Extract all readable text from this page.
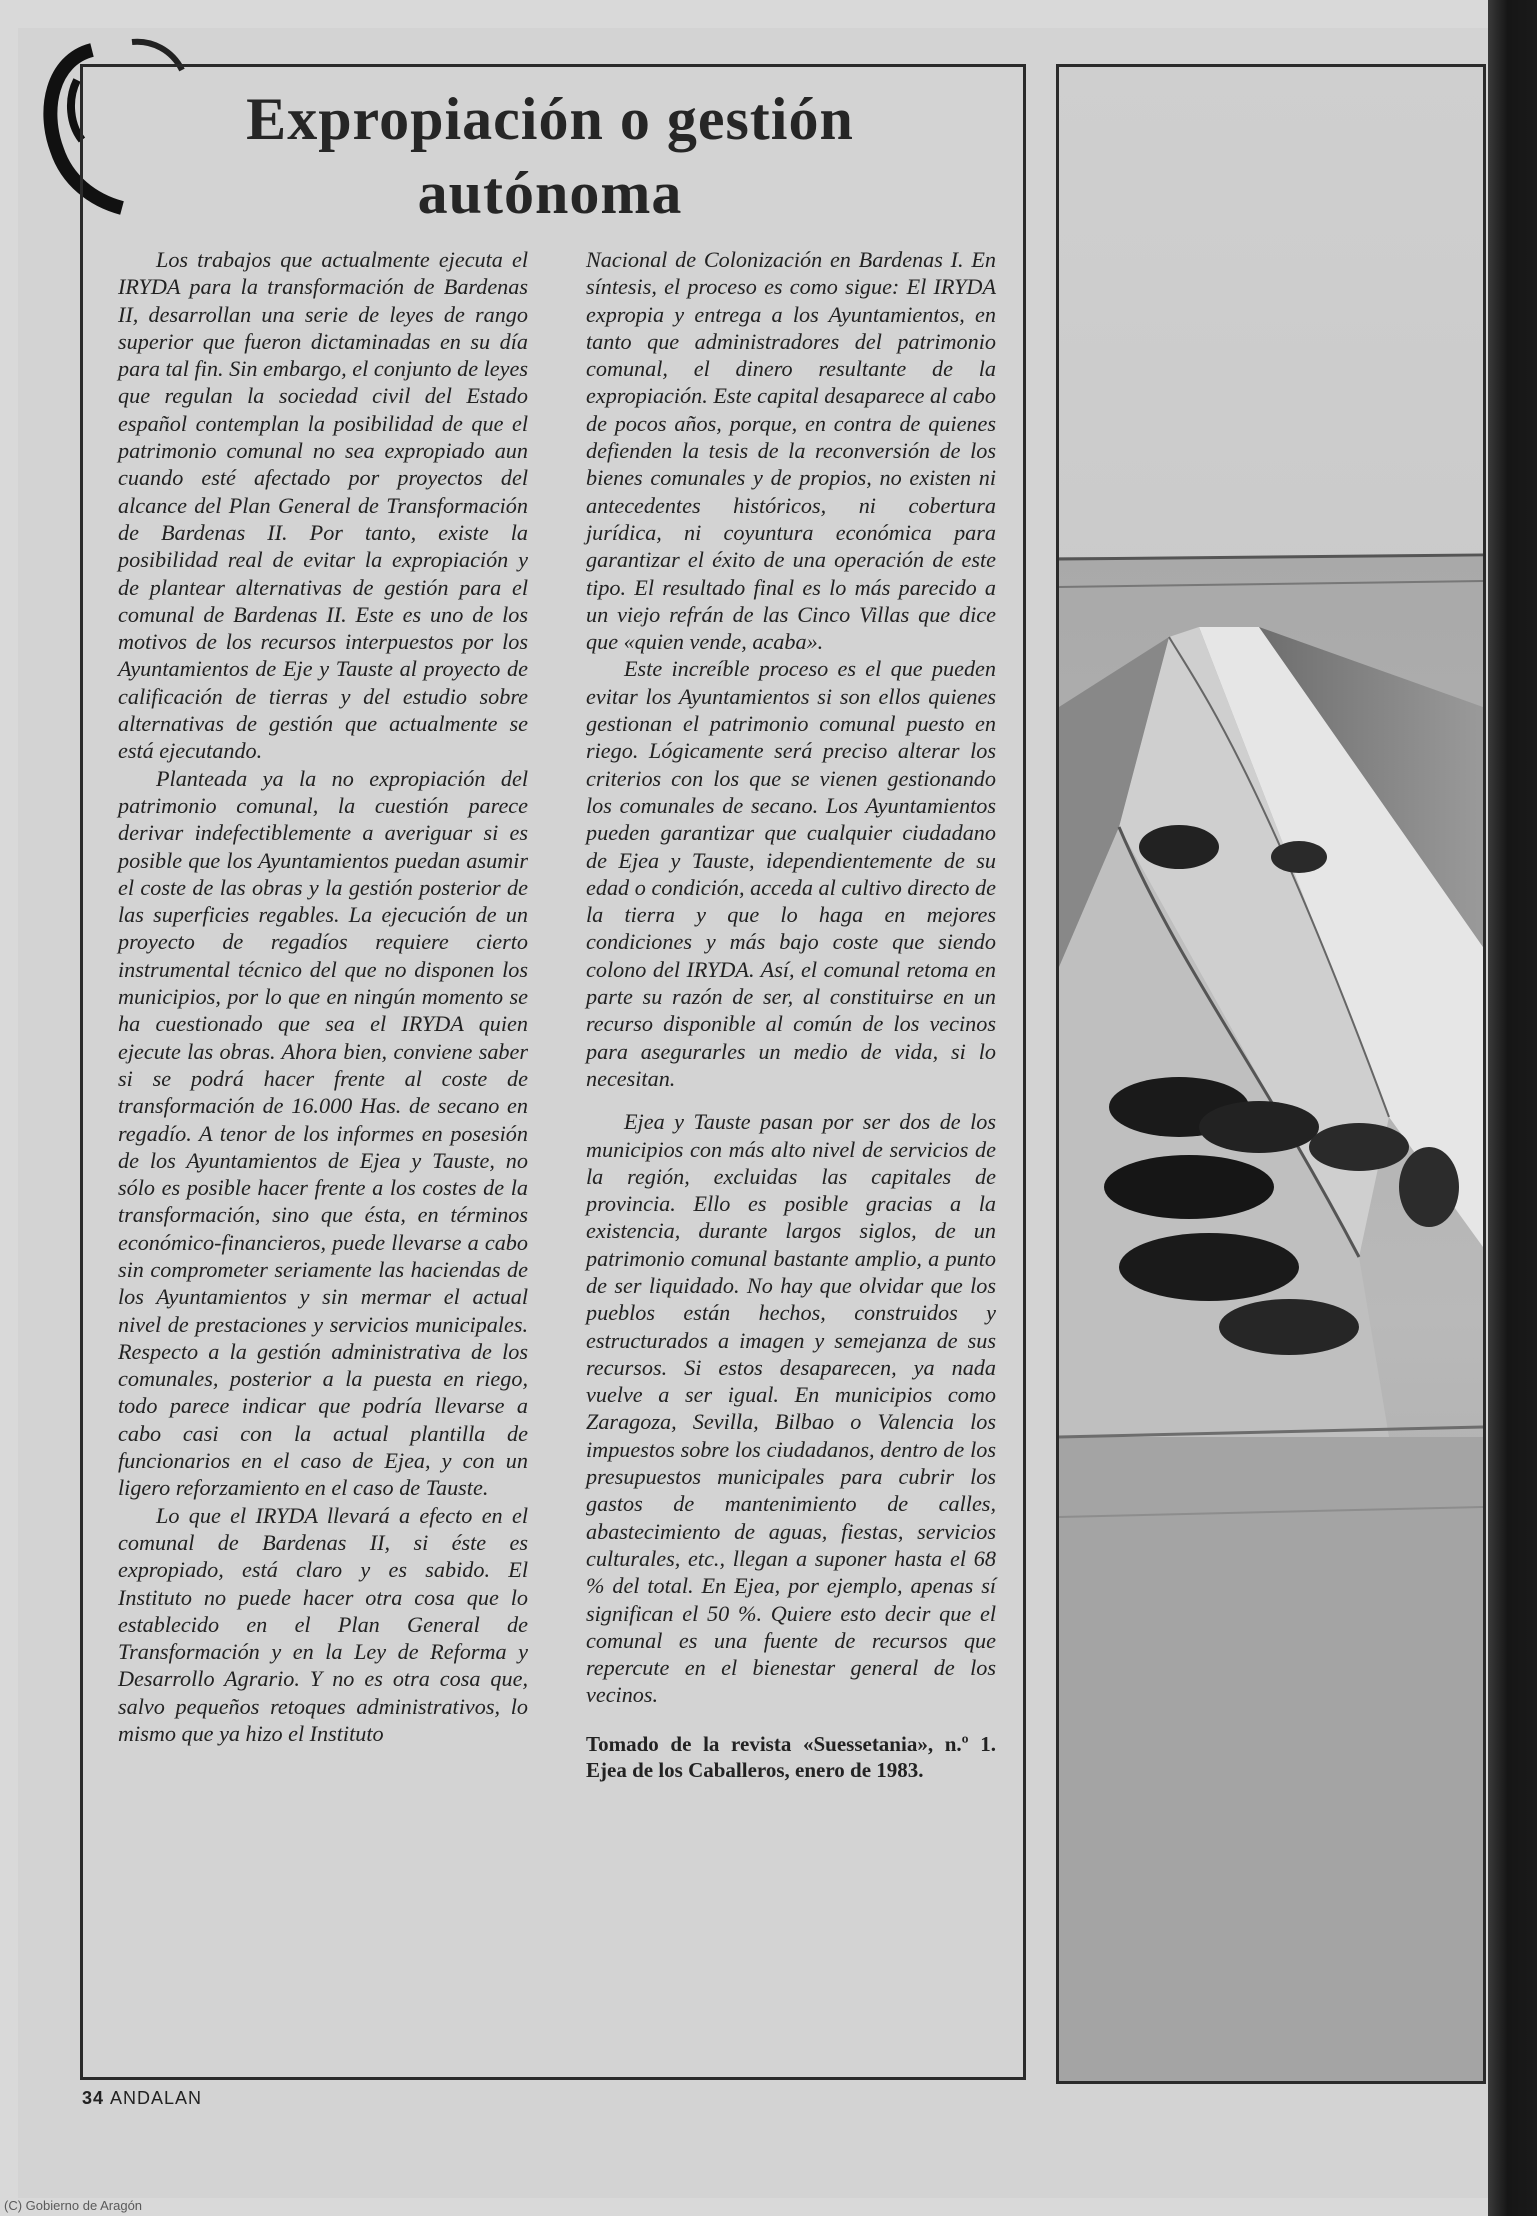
Expropiación o gestión
autónoma

Los trabajos que actualmente ejecuta el IRYDA para la transformación de Bardenas II, desarrollan una serie de leyes de rango superior que fueron dictaminadas en su día para tal fin. Sin embargo, el conjunto de leyes que regulan la sociedad civil del Estado español contemplan la posibilidad de que el patrimonio comunal no sea expropiado aun cuando esté afectado por proyectos del alcance del Plan General de Transformación de Bardenas II. Por tanto, existe la posibilidad real de evitar la expropiación y de plantear alternativas de gestión para el comunal de Bardenas II. Este es uno de los motivos de los recursos interpuestos por los Ayuntamientos de Eje y Tauste al proyecto de calificación de tierras y del estudio sobre alternativas de gestión que actualmente se está ejecutando.

Planteada ya la no expropiación del patrimonio comunal, la cuestión parece derivar indefectiblemente a averiguar si es posible que los Ayuntamientos puedan asumir el coste de las obras y la gestión posterior de las superficies regables. La ejecución de un proyecto de regadíos requiere cierto instrumental técnico del que no disponen los municipios, por lo que en ningún momento se ha cuestionado que sea el IRYDA quien ejecute las obras. Ahora bien, conviene saber si se podrá hacer frente al coste de transformación de 16.000 Has. de secano en regadío. A tenor de los informes en posesión de los Ayuntamientos de Ejea y Tauste, no sólo es posible hacer frente a los costes de la transformación, sino que ésta, en términos económico-financieros, puede llevarse a cabo sin comprometer seriamente las haciendas de los Ayuntamientos y sin mermar el actual nivel de prestaciones y servicios municipales. Respecto a la gestión administrativa de los comunales, posterior a la puesta en riego, todo parece indicar que podría llevarse a cabo casi con la actual plantilla de funcionarios en el caso de Ejea, y con un ligero reforzamiento en el caso de Tauste.

Lo que el IRYDA llevará a efecto en el comunal de Bardenas II, si éste es expropiado, está claro y es sabido. El Instituto no puede hacer otra cosa que lo establecido en el Plan General de Transformación y en la Ley de Reforma y Desarrollo Agrario. Y no es otra cosa que, salvo pequeños retoques administrativos, lo mismo que ya hizo el Instituto

Nacional de Colonización en Bardenas I. En síntesis, el proceso es como sigue: El IRYDA expropia y entrega a los Ayuntamientos, en tanto que administradores del patrimonio comunal, el dinero resultante de la expropiación. Este capital desaparece al cabo de pocos años, porque, en contra de quienes defienden la tesis de la reconversión de los bienes comunales y de propios, no existen ni antecedentes históricos, ni cobertura jurídica, ni coyuntura económica para garantizar el éxito de una operación de este tipo. El resultado final es lo más parecido a un viejo refrán de las Cinco Villas que dice que «quien vende, acaba».

Este increíble proceso es el que pueden evitar los Ayuntamientos si son ellos quienes gestionan el patrimonio comunal puesto en riego. Lógicamente será preciso alterar los criterios con los que se vienen gestionando los comunales de secano. Los Ayuntamientos pueden garantizar que cualquier ciudadano de Ejea y Tauste, idependientemente de su edad o condición, acceda al cultivo directo de la tierra y que lo haga en mejores condiciones y más bajo coste que siendo colono del IRYDA. Así, el comunal retoma en parte su razón de ser, al constituirse en un recurso disponible al común de los vecinos para asegurarles un medio de vida, si lo necesitan.

Ejea y Tauste pasan por ser dos de los municipios con más alto nivel de servicios de la región, excluidas las capitales de provincia. Ello es posible gracias a la existencia, durante largos siglos, de un patrimonio comunal bastante amplio, a punto de ser liquidado. No hay que olvidar que los pueblos están hechos, construidos y estructurados a imagen y semejanza de sus recursos. Si estos desaparecen, ya nada vuelve a ser igual. En municipios como Zaragoza, Sevilla, Bilbao o Valencia los impuestos sobre los ciudadanos, dentro de los presupuestos municipales para cubrir los gastos de mantenimiento de calles, abastecimiento de aguas, fiestas, servicios culturales, etc., llegan a suponer hasta el 68 % del total. En Ejea, por ejemplo, apenas sí significan el 50 %. Quiere esto decir que el comunal es una fuente de recursos que repercute en el bienestar general de los vecinos.

Tomado de la revista «Suessetania», n.º 1. Ejea de los Caballeros, enero de 1983.

34 ANDALAN
(C) Gobierno de Aragón
